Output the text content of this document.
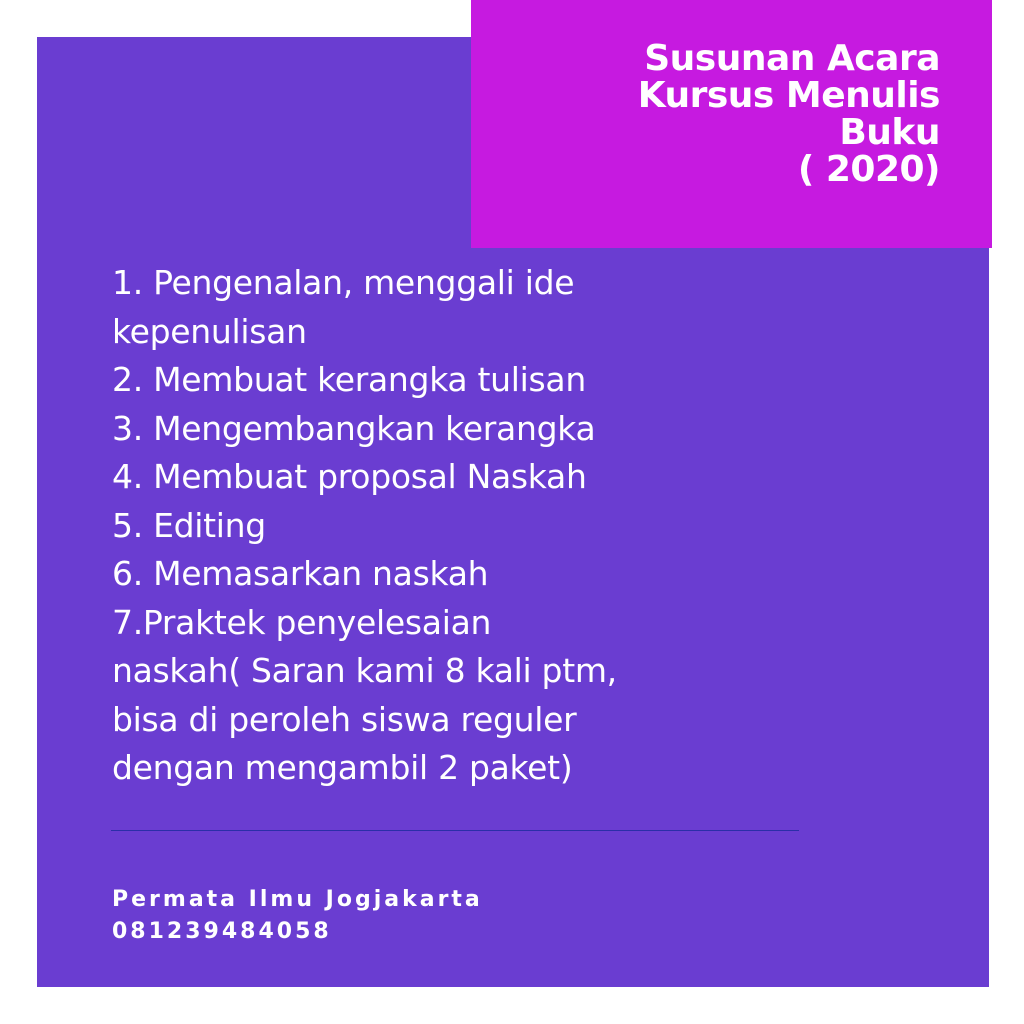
Susunan Acara
Kursus Menulis
Buku
( 2020)
1. Pengenalan, menggali ide
kepenulisan
2. Membuat kerangka tulisan
3. Mengembangkan kerangka
4. Membuat proposal Naskah
5. Editing
6. Memasarkan naskah
7.Praktek penyelesaian
naskah( Saran kami 8 kali ptm,
bisa di peroleh siswa reguler
dengan mengambil 2 paket)
Permata Ilmu Jogjakarta
081239484058
